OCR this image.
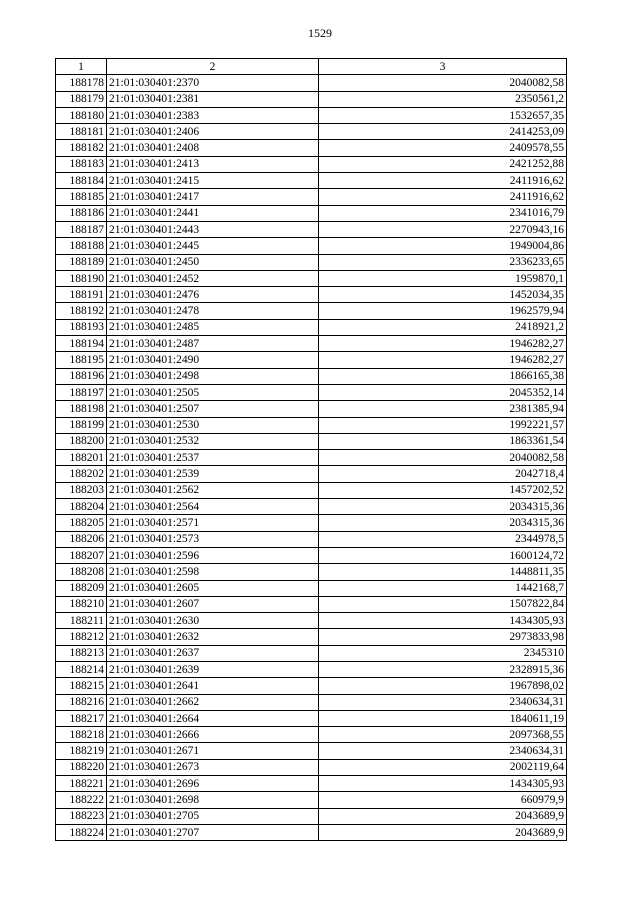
1529
1	2	3
188178	21:01:030401:2370	2040082,58
188179	21:01:030401:2381	2350561,2
188180	21:01:030401:2383	1532657,35
188181	21:01:030401:2406	2414253,09
188182	21:01:030401:2408	2409578,55
188183	21:01:030401:2413	2421252,88
188184	21:01:030401:2415	2411916,62
188185	21:01:030401:2417	2411916,62
188186	21:01:030401:2441	2341016,79
188187	21:01:030401:2443	2270943,16
188188	21:01:030401:2445	1949004,86
188189	21:01:030401:2450	2336233,65
188190	21:01:030401:2452	1959870,1
188191	21:01:030401:2476	1452034,35
188192	21:01:030401:2478	1962579,94
188193	21:01:030401:2485	2418921,2
188194	21:01:030401:2487	1946282,27
188195	21:01:030401:2490	1946282,27
188196	21:01:030401:2498	1866165,38
188197	21:01:030401:2505	2045352,14
188198	21:01:030401:2507	2381385,94
188199	21:01:030401:2530	1992221,57
188200	21:01:030401:2532	1863361,54
188201	21:01:030401:2537	2040082,58
188202	21:01:030401:2539	2042718,4
188203	21:01:030401:2562	1457202,52
188204	21:01:030401:2564	2034315,36
188205	21:01:030401:2571	2034315,36
188206	21:01:030401:2573	2344978,5
188207	21:01:030401:2596	1600124,72
188208	21:01:030401:2598	1448811,35
188209	21:01:030401:2605	1442168,7
188210	21:01:030401:2607	1507822,84
188211	21:01:030401:2630	1434305,93
188212	21:01:030401:2632	2973833,98
188213	21:01:030401:2637	2345310
188214	21:01:030401:2639	2328915,36
188215	21:01:030401:2641	1967898,02
188216	21:01:030401:2662	2340634,31
188217	21:01:030401:2664	1840611,19
188218	21:01:030401:2666	2097368,55
188219	21:01:030401:2671	2340634,31
188220	21:01:030401:2673	2002119,64
188221	21:01:030401:2696	1434305,93
188222	21:01:030401:2698	660979,9
188223	21:01:030401:2705	2043689,9
188224	21:01:030401:2707	2043689,9
